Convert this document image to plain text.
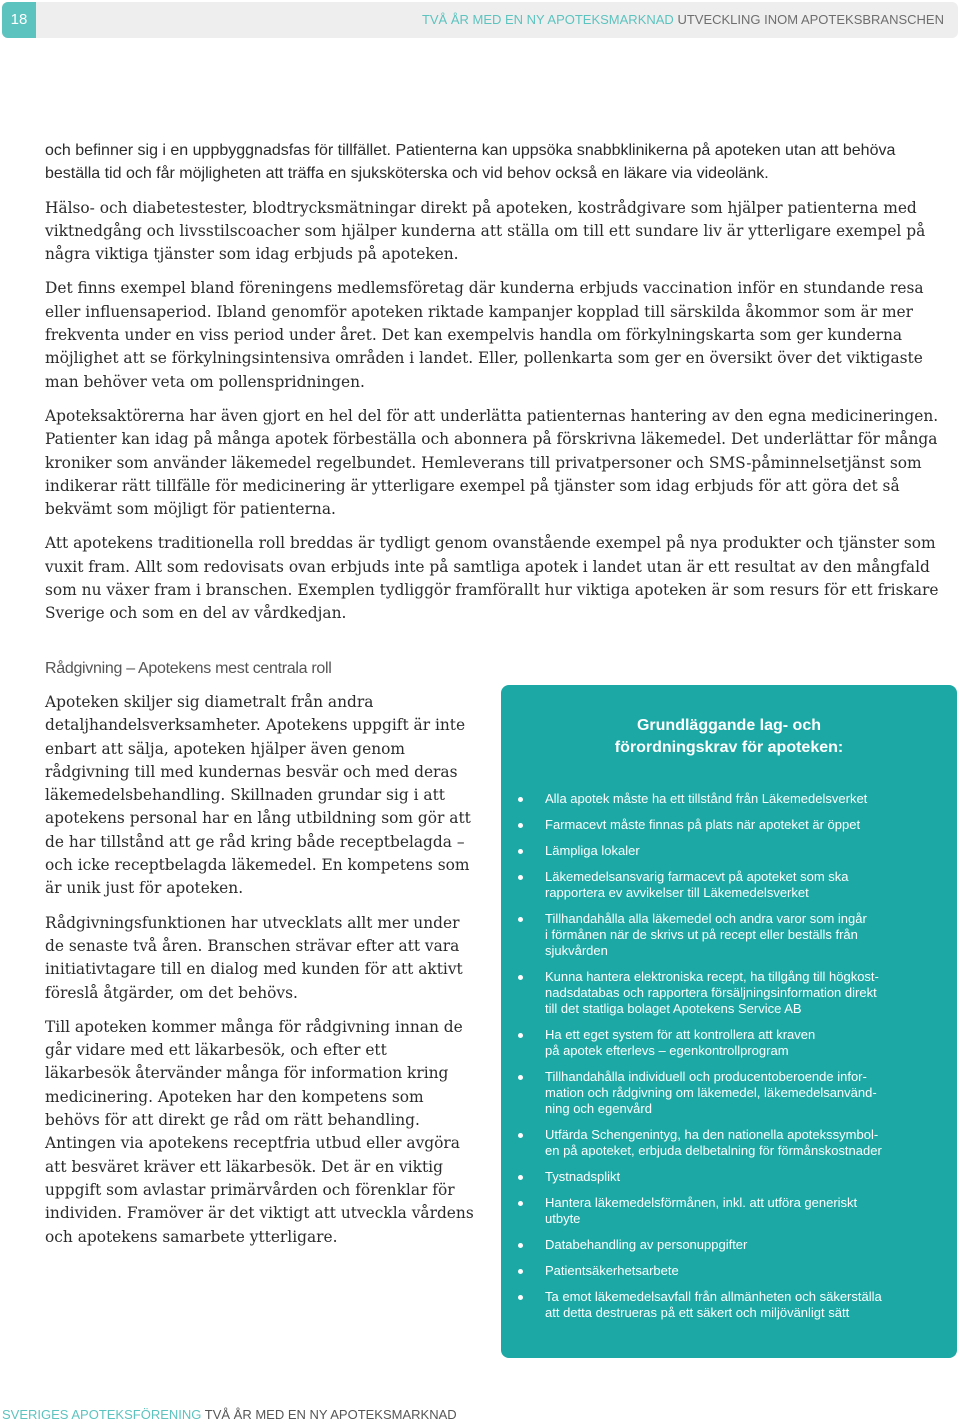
18	TVÅ ÅR MED EN NY APOTEKSMARKNAD UTVECKLING INOM APOTEKSBRANSCHEN

och befinner sig i en uppbyggnadsfas för tillfället. Patienterna kan uppsöka snabbklinikerna på apoteken utan att behöva beställa tid och får möjligheten att träffa en sjuksköterska och vid behov också en läkare via videolänk.

Hälso- och diabetestester, blodtrycksmätningar direkt på apoteken, kostrådgivare som hjälper patienterna med viktnedgång och livsstilscoacher som hjälper kunderna att ställa om till ett sundare liv är ytterligare exempel på några viktiga tjänster som idag erbjuds på apoteken.

Det finns exempel bland föreningens medlemsföretag där kunderna erbjuds vaccination inför en stundande resa eller influensaperiod. Ibland genomför apoteken riktade kampanjer kopplad till särskilda åkommor som är mer frekventa under en viss period under året. Det kan exempelvis handla om förkylningskarta som ger kunderna möjlighet att se förkylningsintensiva områden i landet. Eller, pollenkarta som ger en översikt över det viktigaste man behöver veta om pollenspridningen.

Apoteksaktörerna har även gjort en hel del för att underlätta patienternas hantering av den egna medicineringen. Patienter kan idag på många apotek förbeställa och abonnera på förskrivna läkemedel. Det underlättar för många kroniker som använder läkemedel regelbundet. Hemleverans till privatpersoner och SMS-påminnelsetjänst som indikerar rätt tillfälle för medicinering är ytterligare exempel på tjänster som idag erbjuds för att göra det så bekvämt som möjligt för patienterna.

Att apotekens traditionella roll breddas är tydligt genom ovanstående exempel på nya produkter och tjänster som vuxit fram. Allt som redovisats ovan erbjuds inte på samtliga apotek i landet utan är ett resultat av den mångfald som nu växer fram i branschen. Exemplen tydliggör framförallt hur viktiga apoteken är som resurs för ett friskare Sverige och som en del av vårdkedjan.

Rådgivning – Apotekens mest centrala roll

Apoteken skiljer sig diametralt från andra detaljhandelsverksamheter. Apotekens uppgift är inte enbart att sälja, apoteken hjälper även genom rådgivning till med kundernas besvär och med deras läkemedelsbehandling. Skillnaden grundar sig i att apotekens personal har en lång utbildning som gör att de har tillstånd att ge råd kring både receptbelagda – och icke receptbelagda läkemedel. En kompetens som är unik just för apoteken.

Rådgivningsfunktionen har utvecklats allt mer under de senaste två åren. Branschen strävar efter att vara initiativtagare till en dialog med kunden för att aktivt föreslå åtgärder, om det behövs.

Till apoteken kommer många för rådgivning innan de går vidare med ett läkarbesök, och efter ett läkarbesök återvänder många för information kring medicinering. Apoteken har den kompetens som behövs för att direkt ge råd om rätt behandling. Antingen via apotekens receptfria utbud eller avgöra att besväret kräver ett läkarbesök. Det är en viktig uppgift som avlastar primärvården och förenklar för individen. Framöver är det viktigt att utveckla vårdens och apotekens samarbete ytterligare.

Grundläggande lag- och
förordningskrav för apoteken:
Alla apotek måste ha ett tillstånd från Läkemedelsverket
Farmacevt måste finnas på plats när apoteket är öppet
Lämpliga lokaler
Läkemedelsansvarig farmacevt på apoteket som ska
rapportera ev avvikelser till Läkemedelsverket
Tillhandahålla alla läkemedel och andra varor som ingår
i förmånen när de skrivs ut på recept eller beställs från
sjukvården
Kunna hantera elektroniska recept, ha tillgång till högkost-
nadsdatabas och rapportera försäljningsinformation direkt
till det statliga bolaget Apotekens Service AB
Ha ett eget system för att kontrollera att kraven
på apotek efterlevs – egenkontrollprogram
Tillhandahålla individuell och producentoberoende infor-
mation och rådgivning om läkemedel, läkemedelsanvänd-
ning och egenvård
Utfärda Schengenintyg, ha den nationella apotekssymbol-
en på apoteket, erbjuda delbetalning för förmånskostnader
Tystnadsplikt
Hantera läkemedelsförmånen, inkl. att utföra generiskt
utbyte
Databehandling av personuppgifter
Patientsäkerhetsarbete
Ta emot läkemedelsavfall från allmänheten och säkerställa
att detta destrueras på ett säkert och miljövänligt sätt
SVERIGES APOTEKSFÖRENING TVÅ ÅR MED EN NY APOTEKSMARKNAD
